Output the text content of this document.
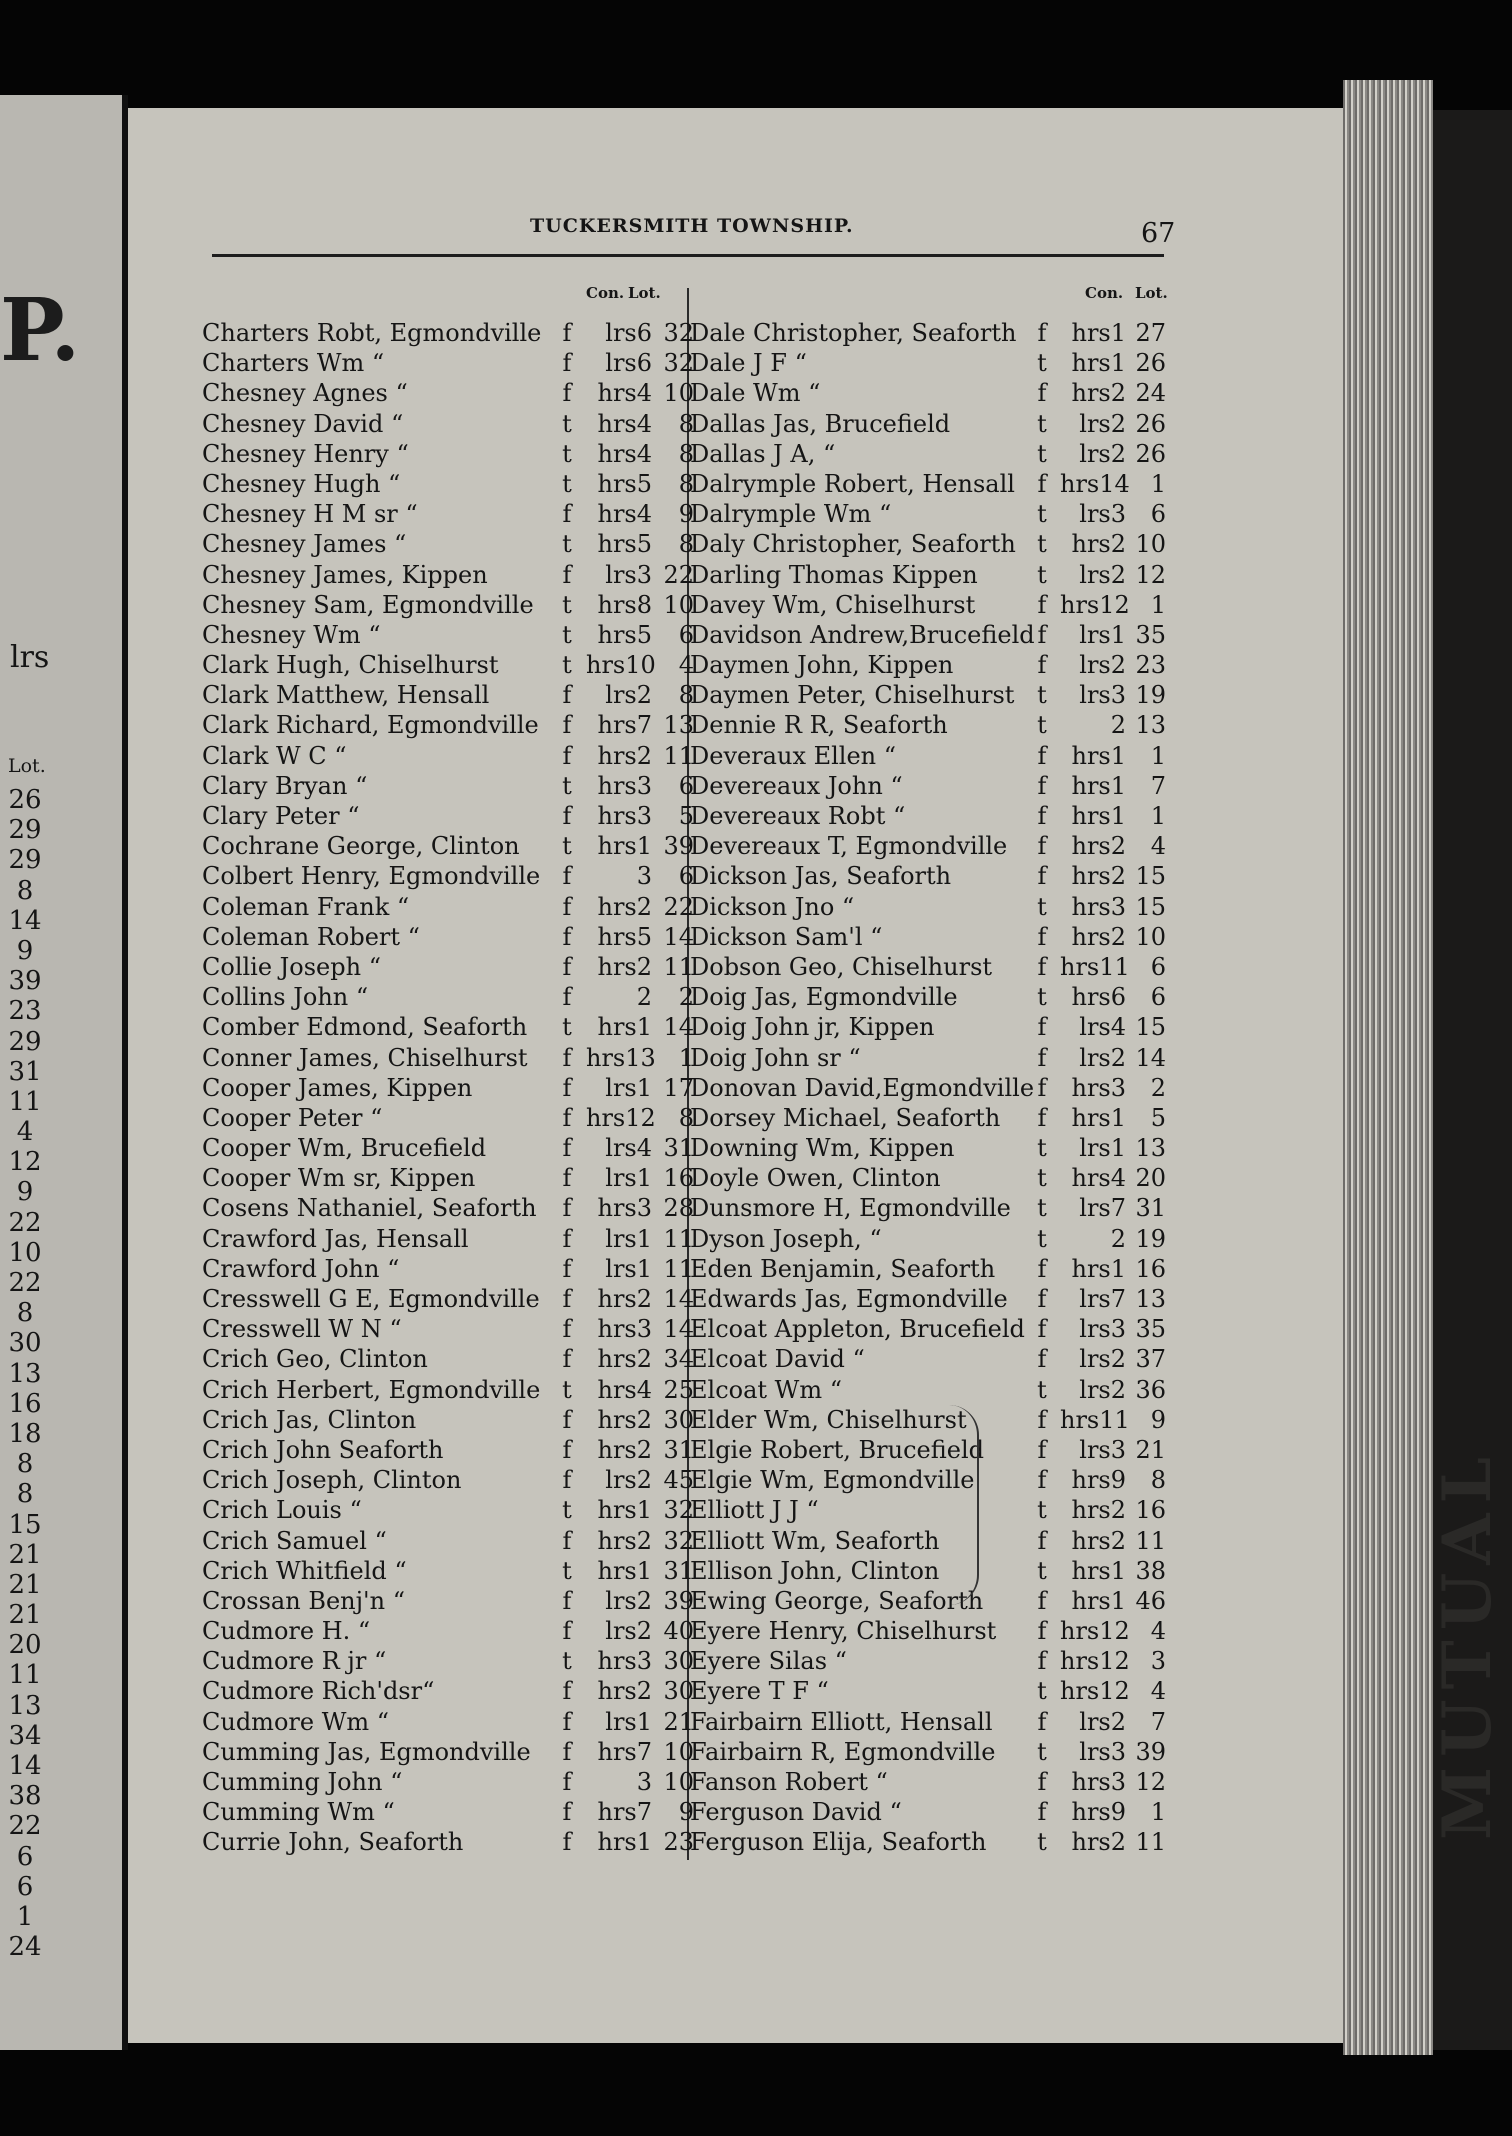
P.
lrs
Lot.
26
29
29
8
14
9
39
23
29
31
11
4
12
9
22
10
22
8
30
13
16
18
8
8
15
21
21
21
20
11
13
34
14
38
22
6
6
1
24
MUTUAL
TUCKERSMITH TOWNSHIP.	67
Con. Lot.	Con. Lot.
Charters Robt, Egmondville f	lrs6 32
Charters Wm “	f	lrs6 32
Chesney Agnes “	f	hrs4 10
Chesney David “	t	hrs4	8
Chesney Henry “	t	hrs4	8
Chesney Hugh “	t	hrs5	8
Chesney H M sr “	f	hrs4	9
Chesney James “	t	hrs5	8
Chesney James, Kippen	f	lrs3 22
Chesney Sam, Egmondville t	hrs8 10
Chesney Wm “	t	hrs5	6
Clark Hugh, Chiselhurst	t hrs10 4
Clark Matthew, Hensall	f	lrs2	8
Clark Richard, Egmondville f	hrs7 13
Clark W C “	f	hrs2 11
Clary Bryan “	t	hrs3	6
Clary Peter “	f	hrs3	5
Cochrane George, Clinton t	hrs1 39
Colbert Henry, Egmondville f	3	6
Coleman Frank “	f	hrs2 22
Coleman Robert “	f	hrs5 14
Collie Joseph “	f	hrs2 11
Collins John “	f	2	2
Comber Edmond, Seaforth t	hrs1 14
Conner James, Chiselhurst f hrs13 1
Cooper James, Kippen	f	lrs1 17
Cooper Peter “	f hrs12 8
Cooper Wm, Brucefield	f	lrs4 31
Cooper Wm sr, Kippen	f	lrs1 16
Cosens Nathaniel, Seaforth f	hrs3 28
Crawford Jas, Hensall	f	lrs1 11
Crawford John “	f	lrs1 11
Cresswell G E, Egmondville f	hrs2 14
Cresswell W N “	f	hrs3 14
Crich Geo, Clinton	f	hrs2 34
Crich Herbert, Egmondville t	hrs4 25
Crich Jas, Clinton	f	hrs2 30
Crich John Seaforth	f	hrs2 31
Crich Joseph, Clinton	f	lrs2 45
Crich Louis “	t	hrs1 32
Crich Samuel “	f	hrs2 32
Crich Whitfield “	t	hrs1 31
Crossan Benj'n “	f	lrs2 39
Cudmore H. “	f	lrs2 40
Cudmore R jr “	t	hrs3 30
Cudmore Rich'dsr“	f	hrs2 30
Cudmore Wm “	f	lrs1 21
Cumming Jas, Egmondville f	hrs7 10
Cumming John “	f	3 10
Cumming Wm “	f	hrs7	9
Currie John, Seaforth	f	hrs1 23
Dale Christopher, Seaforth f	hrs1 27
Dale J F “	t	hrs1 26
Dale Wm “	f	hrs2 24
Dallas Jas, Brucefield	t	lrs2 26
Dallas J A, “	t	lrs2 26
Dalrymple Robert, Hensall f hrs14 1
Dalrymple Wm “	t	lrs3	6
Daly Christopher, Seaforth t	hrs2 10
Darling Thomas Kippen t	lrs2 12
Davey Wm, Chiselhurst	f hrs12 1
Davidson Andrew,Brucefield f	lrs1 35
Daymen John, Kippen	f	lrs2 23
Daymen Peter, Chiselhurst t	lrs3 19
Dennie R R, Seaforth	t	2 13
Deveraux Ellen “	f	hrs1	1
Devereaux John “	f	hrs1	7
Devereaux Robt “	f	hrs1	1
Devereaux T, Egmondville f	hrs2	4
Dickson Jas, Seaforth	f	hrs2 15
Dickson Jno “	t	hrs3 15
Dickson Sam'l “	f	hrs2 10
Dobson Geo, Chiselhurst f hrs11 6
Doig Jas, Egmondville	t	hrs6	6
Doig John jr, Kippen	f	lrs4 15
Doig John sr “	f	lrs2 14
Donovan David,Egmondville f	hrs3	2
Dorsey Michael, Seaforth f	hrs1	5
Downing Wm, Kippen	t	lrs1 13
Doyle Owen, Clinton	t	hrs4 20
Dunsmore H, Egmondville t	lrs7 31
Dyson Joseph, “	t	2 19
Eden Benjamin, Seaforth f	hrs1 16
Edwards Jas, Egmondville f	lrs7 13
Elcoat Appleton, Brucefield f	lrs3 35
Elcoat David “	f	lrs2 37
Elcoat Wm “	t	lrs2 36
Elder Wm, Chiselhurst	f hrs11 9
Elgie Robert, Brucefield f	lrs3 21
Elgie Wm, Egmondville	f	hrs9	8
Elliott J J “	t	hrs2 16
Elliott Wm, Seaforth	f	hrs2 11
Ellison John, Clinton	t	hrs1 38
Ewing George, Seaforth f	hrs1 46
Eyere Henry, Chiselhurst f hrs12 4
Eyere Silas “	f hrs12 3
Eyere T F “	t hrs12 4
Fairbairn Elliott, Hensall f	lrs2	7
Fairbairn R, Egmondville t	lrs3 39
Fanson Robert “	f	hrs3 12
Ferguson David “	f	hrs9	1
Ferguson Elija, Seaforth t	hrs2 11
